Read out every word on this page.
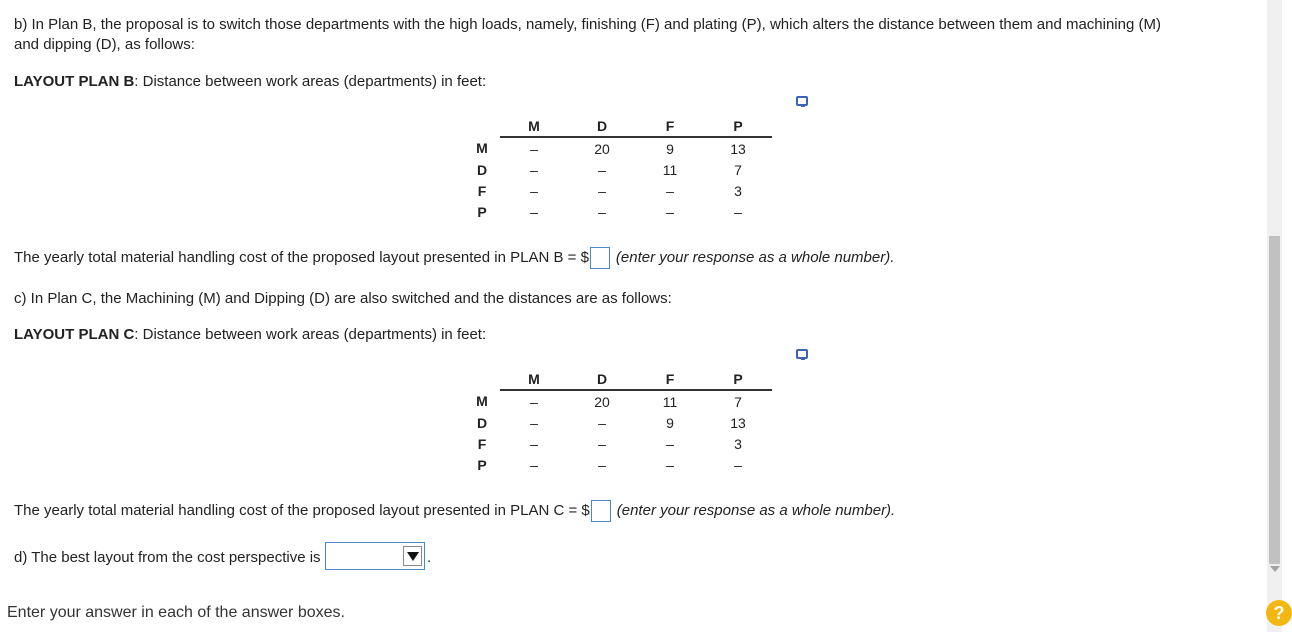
b) In Plan B, the proposal is to switch those departments with the high loads, namely, finishing (F) and plating (P), which alters the distance between them and machining (M)
and dipping (D), as follows:
LAYOUT PLAN B: Distance between work areas (departments) in feet:
	M	D	F	P
M	–	20	9	13
D	–	–	11	7
F	–	–	–	3
P	–	–	–	–
The yearly total material handling cost of the proposed layout presented in PLAN B = $ (enter your response as a whole number).
c) In Plan C, the Machining (M) and Dipping (D) are also switched and the distances are as follows:
LAYOUT PLAN C: Distance between work areas (departments) in feet:
	M	D	F	P
M	–	20	11	7
D	–	–	9	13
F	–	–	–	3
P	–	–	–	–
The yearly total material handling cost of the proposed layout presented in PLAN C = $ (enter your response as a whole number).
d) The best layout from the cost perspective is	.
Enter your answer in each of the answer boxes.	?
